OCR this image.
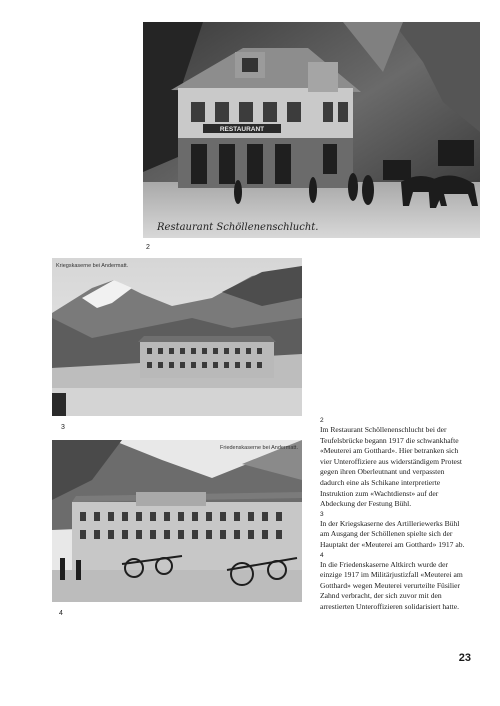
RESTAURANT
Restaurant Schöllenenschlucht.
2
Kriegskaserne bei Andermatt.
3
Friedenskaserne bei Andermatt.
4
2
Im Restaurant Schöllenenschlucht bei der Teufelsbrücke begann 1917 die schwankhafte «Meuterei am Gotthard». Hier betranken sich vier Unteroffiziere aus widerständigem Protest gegen ihren Oberleutnant und verpassten dadurch eine als Schikane interpretierte Instruktion zum «Wachtdienst» auf der Abdeckung der Festung Bühl.
3
In der Kriegskaserne des Artilleriewerks Bühl am Ausgang der Schöllenen spielte sich der Hauptakt der «Meuterei am Gotthard» 1917 ab.
4
In die Friedenskaserne Altkirch wurde der einzige 1917 im Militärjustizfall «Meuterei am Gotthard» wegen Meuterei verurteilte Füsilier Zahnd verbracht, der sich zuvor mit den arrestierten Unteroffizieren solidarisiert hatte.
23
